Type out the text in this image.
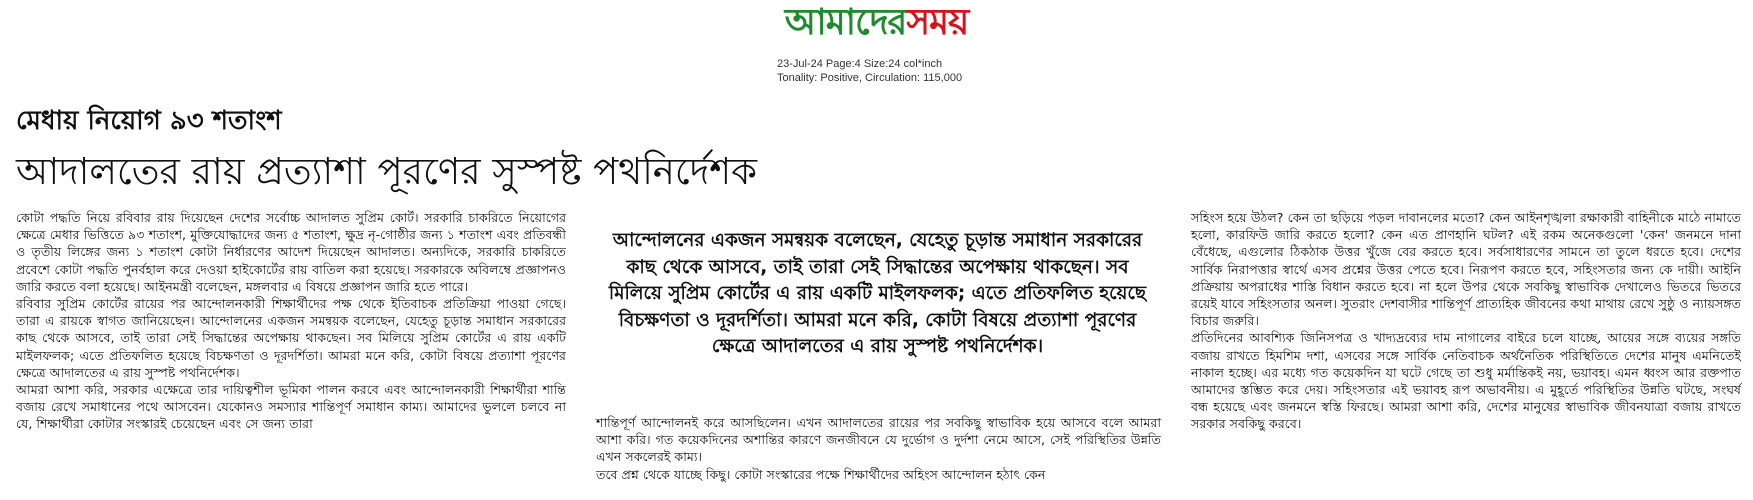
আমাদেরসময়
23-Jul-24 Page:4 Size:24 col*inch
Tonality: Positive, Circulation: 115,000
মেধায় নিয়োগ ৯৩ শতাংশ
আদালতের রায় প্রত্যাশা পূরণের সুস্পষ্ট পথনির্দেশক

কোটা পদ্ধতি নিয়ে রবিবার রায় দিয়েছেন দেশের সর্বোচ্চ আদালত সুপ্রিম কোর্ট। সরকারি চাকরিতে নিয়োগের ক্ষেত্রে মেধার ভিত্তিতে ৯৩ শতাংশ, মুক্তিযোদ্ধাদের জন্য ৫ শতাংশ, ক্ষুদ্র নৃ-গোষ্ঠীর জন্য ১ শতাংশ এবং প্রতিবন্ধী ও তৃতীয় লিঙ্গের জন্য ১ শতাংশ কোটা নির্ধারণের আদেশ দিয়েছেন আদালত। অন্যদিকে, সরকারি চাকরিতে প্রবেশে কোটা পদ্ধতি পুনর্বহাল করে দেওয়া হাইকোর্টের রায় বাতিল করা হয়েছে। সরকারকে অবিলম্বে প্রজ্ঞাপনও জারি করতে বলা হয়েছে। আইনমন্ত্রী বলেছেন, মঙ্গলবার এ বিষয়ে প্রজ্ঞাপন জারি হতে পারে।

রবিবার সুপ্রিম কোর্টের রায়ের পর আন্দোলনকারী শিক্ষার্থীদের পক্ষ থেকে ইতিবাচক প্রতিক্রিয়া পাওয়া গেছে। তারা এ রায়কে স্বাগত জানিয়েছেন। আন্দোলনের একজন সমন্বয়ক বলেছেন, যেহেতু চূড়ান্ত সমাধান সরকারের কাছ থেকে আসবে, তাই তারা সেই সিদ্ধান্তের অপেক্ষায় থাকছেন। সব মিলিয়ে সুপ্রিম কোর্টের এ রায় একটি মাইলফলক; এতে প্রতিফলিত হয়েছে বিচক্ষণতা ও দূরদর্শিতা। আমরা মনে করি, কোটা বিষয়ে প্রত্যাশা পূরণের ক্ষেত্রে আদালতের এ রায় সুস্পষ্ট পথনির্দেশক।

আমরা আশা করি, সরকার এক্ষেত্রে তার দায়িত্বশীল ভূমিকা পালন করবে এবং আন্দোলনকারী শিক্ষার্থীরা শান্তি বজায় রেখে সমাধানের পথে আসবেন। যেকোনও সমস্যার শান্তিপূর্ণ সমাধান কাম্য। আমাদের ভুললে চলবে না যে, শিক্ষার্থীরা কোটার সংস্কারই চেয়েছেন এবং সে জন্য তারা

আন্দোলনের একজন সমন্বয়ক বলেছেন, যেহেতু চূড়ান্ত সমাধান সরকারের কাছ থেকে আসবে, তাই তারা সেই সিদ্ধান্তের অপেক্ষায় থাকছেন। সব মিলিয়ে সুপ্রিম কোর্টের এ রায় একটি মাইলফলক; এতে প্রতিফলিত হয়েছে বিচক্ষণতা ও দূরদর্শিতা। আমরা মনে করি, কোটা বিষয়ে প্রত্যাশা পূরণের ক্ষেত্রে আদালতের এ রায় সুস্পষ্ট পথনির্দেশক।

শান্তিপূর্ণ আন্দোলনই করে আসছিলেন। এখন আদালতের রায়ের পর সবকিছু স্বাভাবিক হয়ে আসবে বলে আমরা আশা করি। গত কয়েকদিনের অশান্তির কারণে জনজীবনে যে দুর্ভোগ ও দুর্দশা নেমে আসে, সেই পরিস্থিতির উন্নতি এখন সকলেরই কাম্য।

তবে প্রশ্ন থেকে যাচ্ছে কিছু। কোটা সংস্কারের পক্ষে শিক্ষার্থীদের অহিংস আন্দোলন হঠাৎ কেন

সহিংস হয়ে উঠল? কেন তা ছড়িয়ে পড়ল দাবানলের মতো? কেন আইনশৃঙ্খলা রক্ষাকারী বাহিনীকে মাঠে নামাতে হলো, কারফিউ জারি করতে হলো? কেন এত প্রাণহানি ঘটল? এই রকম অনেকগুলো 'কেন' জনমনে দানা বেঁধেছে, এগুলোর ঠিকঠাক উত্তর খুঁজে বের করতে হবে। সর্বসাধারণের সামনে তা তুলে ধরতে হবে। দেশের সার্বিক নিরাপত্তার স্বার্থে এসব প্রশ্নের উত্তর পেতে হবে। নিরূপণ করতে হবে, সহিংসতার জন্য কে দায়ী। আইনি প্রক্রিয়ায় অপরাধের শাস্তি বিধান করতে হবে। না হলে উপর থেকে সবকিছু স্বাভাবিক দেখালেও ভিতরে ভিতরে রয়েই যাবে সহিংসতার অনল। সুতরাং দেশবাসীর শান্তিপূর্ণ প্রাত্যহিক জীবনের কথা মাথায় রেখে সুষ্ঠু ও ন্যায়সঙ্গত বিচার জরুরি।

প্রতিদিনের আবশ্যিক জিনিসপত্র ও খাদ্যদ্রব্যের দাম নাগালের বাইরে চলে যাচ্ছে, আয়ের সঙ্গে ব্যয়ের সঙ্গতি বজায় রাখতে হিমশিম দশা, এসবের সঙ্গে সার্বিক নেতিবাচক অর্থনৈতিক পরিস্থিতিতে দেশের মানুষ এমনিতেই নাকাল হচ্ছে। এর মধ্যে গত কয়েকদিন যা ঘটে গেছে তা শুধু মর্মান্তিকই নয়, ভয়াবহ। এমন ধ্বংস আর রক্তপাত আমাদের স্তম্ভিত করে দেয়। সহিংসতার এই ভয়াবহ রূপ অভাবনীয়। এ মুহূর্তে পরিস্থিতির উন্নতি ঘটছে, সংঘর্ষ বন্ধ হয়েছে এবং জনমনে স্বস্তি ফিরছে। আমরা আশা করি, দেশের মানুষের স্বাভাবিক জীবনযাত্রা বজায় রাখতে সরকার সবকিছু করবে।
